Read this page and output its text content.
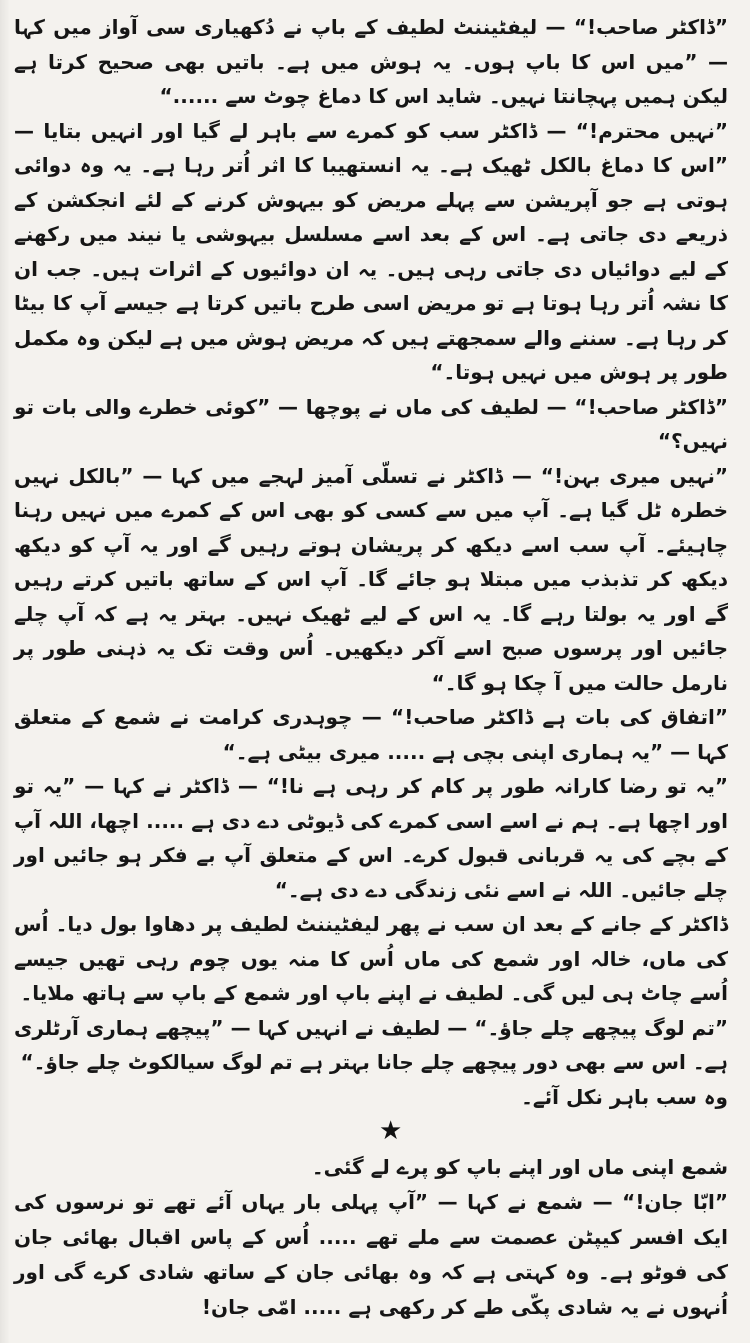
”ڈاکٹر صاحب!“ — لیفٹیننٹ لطیف کے باپ نے دُکھیاری سی آواز میں کہا — ”میں اس کا باپ ہوں۔ یہ ہوش میں ہے۔ باتیں بھی صحیح کرتا ہے لیکن ہمیں پہچانتا نہیں۔ شاید اس کا دماغ چوٹ سے ......“

”نہیں محترم!“ — ڈاکٹر سب کو کمرے سے باہر لے گیا اور انہیں بتایا — ”اس کا دماغ بالکل ٹھیک ہے۔ یہ انستھیبا کا اثر اُتر رہا ہے۔ یہ وہ دوائی ہوتی ہے جو آپریشن سے پہلے مریض کو بیہوش کرنے کے لئے انجکشن کے ذریعے دی جاتی ہے۔ اس کے بعد اسے مسلسل بیہوشی یا نیند میں رکھنے کے لیے دوائیاں دی جاتی رہی ہیں۔ یہ ان دوائیوں کے اثرات ہیں۔ جب ان کا نشہ اُتر رہا ہوتا ہے تو مریض اسی طرح باتیں کرتا ہے جیسے آپ کا بیٹا کر رہا ہے۔ سننے والے سمجھتے ہیں کہ مریض ہوش میں ہے لیکن وہ مکمل طور پر ہوش میں نہیں ہوتا۔“

”ڈاکٹر صاحب!“ — لطیف کی ماں نے پوچھا — ”کوئی خطرے والی بات تو نہیں؟“

”نہیں میری بہن!“ — ڈاکٹر نے تسلّی آمیز لہجے میں کہا — ”بالکل نہیں خطرہ ٹل گیا ہے۔ آپ میں سے کسی کو بھی اس کے کمرے میں نہیں رہنا چاہیئے۔ آپ سب اسے دیکھ کر پریشان ہوتے رہیں گے اور یہ آپ کو دیکھ دیکھ کر تذبذب میں مبتلا ہو جائے گا۔ آپ اس کے ساتھ باتیں کرتے رہیں گے اور یہ بولتا رہے گا۔ یہ اس کے لیے ٹھیک نہیں۔ بہتر یہ ہے کہ آپ چلے جائیں اور پرسوں صبح اسے آکر دیکھیں۔ اُس وقت تک یہ ذہنی طور پر نارمل حالت میں آ چکا ہو گا۔“

”اتفاق کی بات ہے ڈاکٹر صاحب!“ — چوہدری کرامت نے شمع کے متعلق کہا — ”یہ ہماری اپنی بچی ہے ..... میری بیٹی ہے۔“

”یہ تو رضا کارانہ طور پر کام کر رہی ہے نا!“ — ڈاکٹر نے کہا — ”یہ تو اور اچھا ہے۔ ہم نے اسے اسی کمرے کی ڈیوٹی دے دی ہے ..... اچھا، اللہ آپ کے بچے کی یہ قربانی قبول کرے۔ اس کے متعلق آپ بے فکر ہو جائیں اور چلے جائیں۔ اللہ نے اسے نئی زندگی دے دی ہے۔“

ڈاکٹر کے جانے کے بعد ان سب نے پھر لیفٹیننٹ لطیف پر دھاوا بول دیا۔ اُس کی ماں، خالہ اور شمع کی ماں اُس کا منہ یوں چوم رہی تھیں جیسے اُسے چاٹ ہی لیں گی۔ لطیف نے اپنے باپ اور شمع کے باپ سے ہاتھ ملایا۔

”تم لوگ پیچھے چلے جاؤ۔“ — لطیف نے انہیں کہا — ”پیچھے ہماری آرٹلری ہے۔ اس سے بھی دور پیچھے چلے جانا بہتر ہے تم لوگ سیالکوٹ چلے جاؤ۔“

وہ سب باہر نکل آئے۔

★

شمع اپنی ماں اور اپنے باپ کو پرے لے گئی۔

”ابّا جان!“ — شمع نے کہا — ”آپ پہلی بار یہاں آئے تھے تو نرسوں کی ایک افسر کیپٹن عصمت سے ملے تھے ..... اُس کے پاس اقبال بھائی جان کی فوٹو ہے۔ وہ کہتی ہے کہ وہ بھائی جان کے ساتھ شادی کرے گی اور اُنہوں نے یہ شادی پکّی طے کر رکھی ہے ..... امّی جان!
